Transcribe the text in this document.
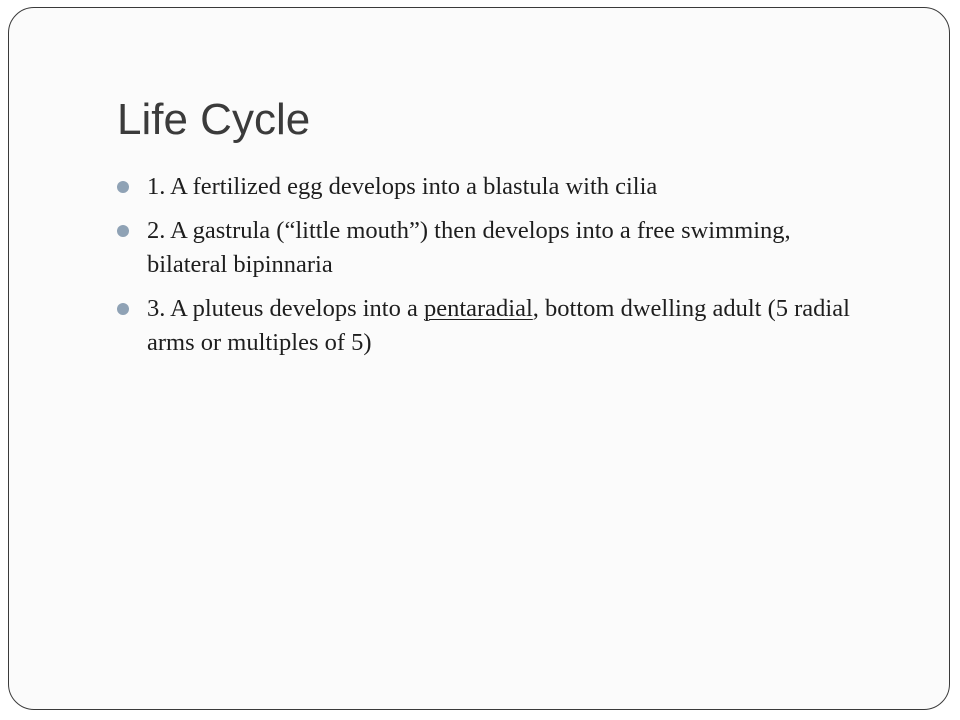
Life Cycle
1. A fertilized egg develops into a blastula with cilia
2. A gastrula (“little mouth”) then develops into a free swimming, bilateral bipinnaria
3. A pluteus develops into a pentaradial, bottom dwelling adult (5 radial arms or multiples of 5)
